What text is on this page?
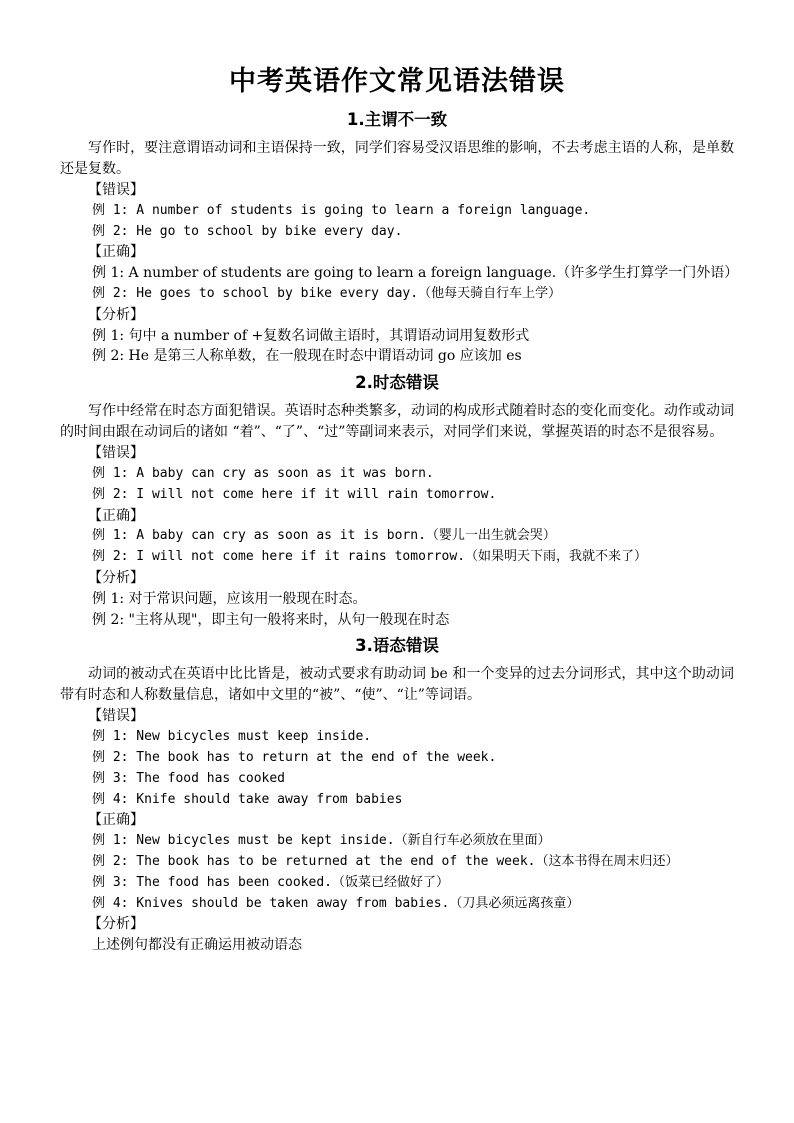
中考英语作文常见语法错误
1.主谓不一致

写作时，要注意谓语动词和主语保持一致，同学们容易受汉语思维的影响，不去考虑主语的人称，是单数还是复数。

【错误】
例 1: A number of students is going to learn a foreign language.
例 2: He go to school by bike every day.
【正确】
例 1: A number of students are going to learn a foreign language.（许多学生打算学一门外语）
例 2: He goes to school by bike every day.（他每天骑自行车上学）
【分析】
例 1: 句中 a number of +复数名词做主语时，其谓语动词用复数形式
例 2: He 是第三人称单数，在一般现在时态中谓语动词 go 应该加 es
2.时态错误

写作中经常在时态方面犯错误。英语时态种类繁多，动词的构成形式随着时态的变化而变化。动作或动词的时间由跟在动词后的诸如 “着”、“了”、“过”等副词来表示，对同学们来说，掌握英语的时态不是很容易。

【错误】
例 1: A baby can cry as soon as it was born.
例 2: I will not come here if it will rain tomorrow.
【正确】
例 1: A baby can cry as soon as it is born.（婴儿一出生就会哭）
例 2: I will not come here if it rains tomorrow.（如果明天下雨，我就不来了）
【分析】
例 1: 对于常识问题，应该用一般现在时态。
例 2: "主将从现"，即主句一般将来时，从句一般现在时态
3.语态错误

动词的被动式在英语中比比皆是，被动式要求有助动词 be 和一个变异的过去分词形式，其中这个助动词带有时态和人称数量信息，诸如中文里的“被”、“使”、“让”等词语。

【错误】
例 1: New bicycles must keep inside.
例 2: The book has to return at the end of the week.
例 3: The food has cooked
例 4: Knife should take away from babies
【正确】
例 1: New bicycles must be kept inside.（新自行车必须放在里面）
例 2: The book has to be returned at the end of the week.（这本书得在周末归还）
例 3: The food has been cooked.（饭菜已经做好了）
例 4: Knives should be taken away from babies.（刀具必须远离孩童）
【分析】
上述例句都没有正确运用被动语态
